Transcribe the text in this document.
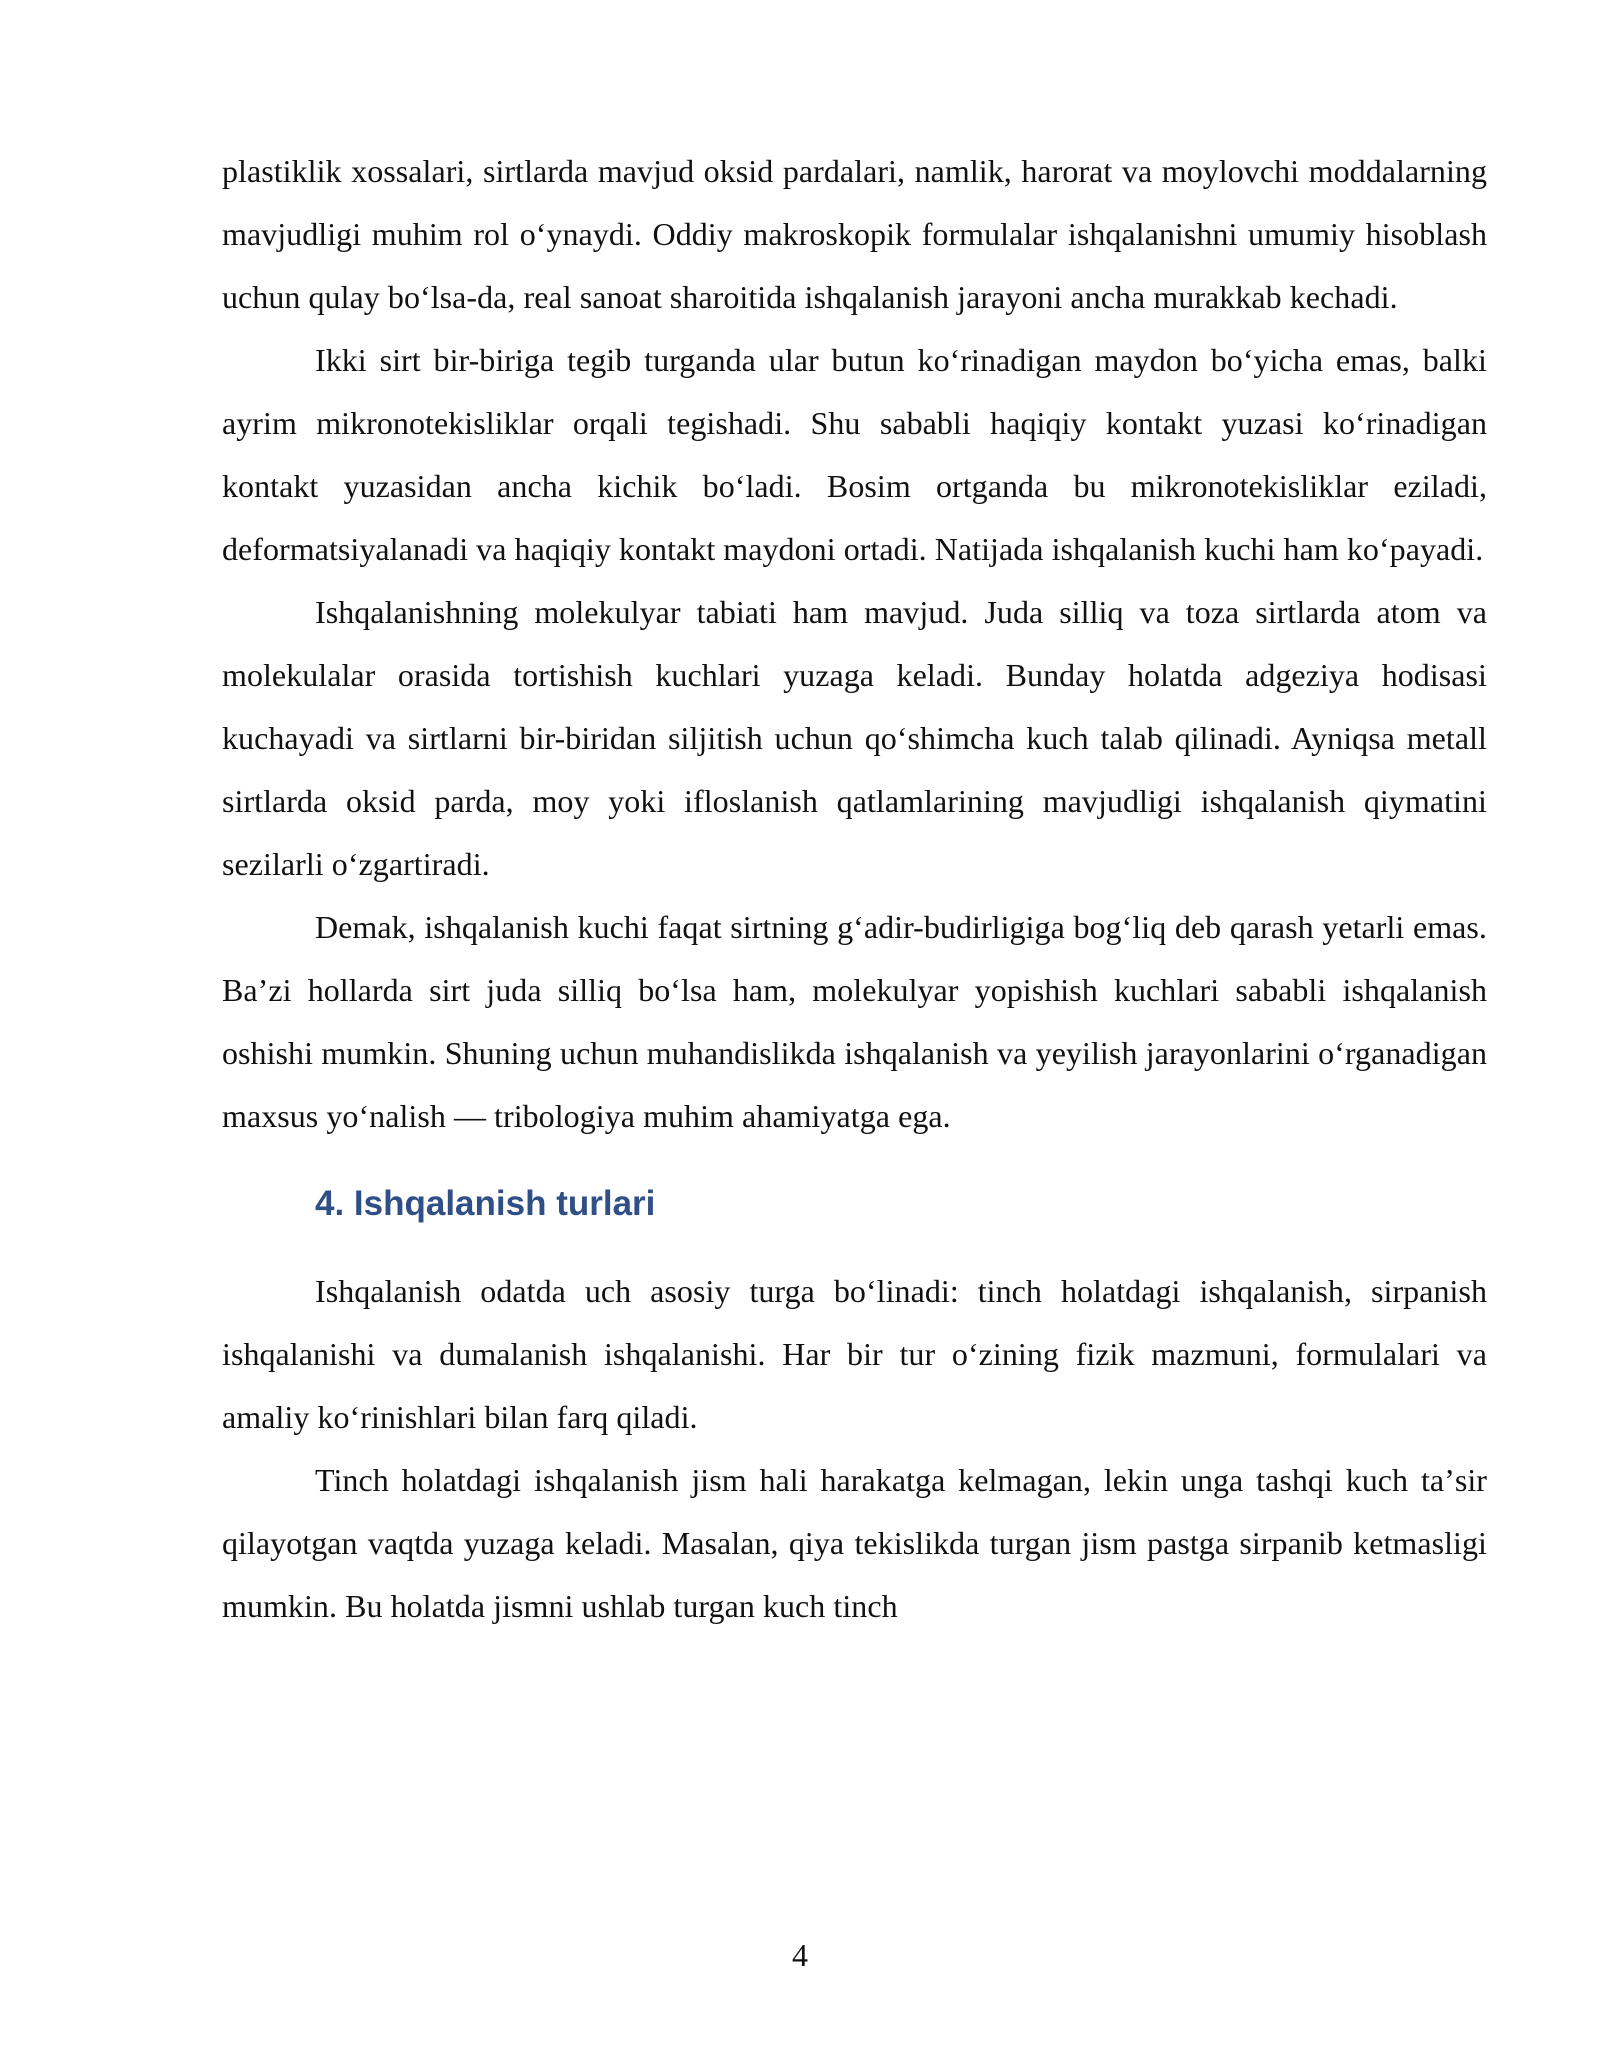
plastiklik xossalari, sirtlarda mavjud oksid pardalari, namlik, harorat va moylovchi moddalarning mavjudligi muhim rol oʻynaydi. Oddiy makroskopik formulalar ishqalanishni umumiy hisoblash uchun qulay boʻlsa-da, real sanoat sharoitida ishqalanish jarayoni ancha murakkab kechadi.

Ikki sirt bir-biriga tegib turganda ular butun koʻrinadigan maydon boʻyicha emas, balki ayrim mikronotekisliklar orqali tegishadi. Shu sababli haqiqiy kontakt yuzasi koʻrinadigan kontakt yuzasidan ancha kichik boʻladi. Bosim ortganda bu mikronotekisliklar eziladi, deformatsiyalanadi va haqiqiy kontakt maydoni ortadi. Natijada ishqalanish kuchi ham koʻpayadi.

Ishqalanishning molekulyar tabiati ham mavjud. Juda silliq va toza sirtlarda atom va molekulalar orasida tortishish kuchlari yuzaga keladi. Bunday holatda adgeziya hodisasi kuchayadi va sirtlarni bir-biridan siljitish uchun qoʻshimcha kuch talab qilinadi. Ayniqsa metall sirtlarda oksid parda, moy yoki ifloslanish qatlamlarining mavjudligi ishqalanish qiymatini sezilarli oʻzgartiradi.

Demak, ishqalanish kuchi faqat sirtning gʻadir-budirligiga bogʻliq deb qarash yetarli emas. Baʼzi hollarda sirt juda silliq boʻlsa ham, molekulyar yopishish kuchlari sababli ishqalanish oshishi mumkin. Shuning uchun muhandislikda ishqalanish va yeyilish jarayonlarini oʻrganadigan maxsus yoʻnalish — tribologiya muhim ahamiyatga ega.

4. Ishqalanish turlari

Ishqalanish odatda uch asosiy turga boʻlinadi: tinch holatdagi ishqalanish, sirpanish ishqalanishi va dumalanish ishqalanishi. Har bir tur oʻzining fizik mazmuni, formulalari va amaliy koʻrinishlari bilan farq qiladi.

Tinch holatdagi ishqalanish jism hali harakatga kelmagan, lekin unga tashqi kuch taʼsir qilayotgan vaqtda yuzaga keladi. Masalan, qiya tekislikda turgan jism pastga sirpanib ketmasligi mumkin. Bu holatda jismni ushlab turgan kuch tinch

4
